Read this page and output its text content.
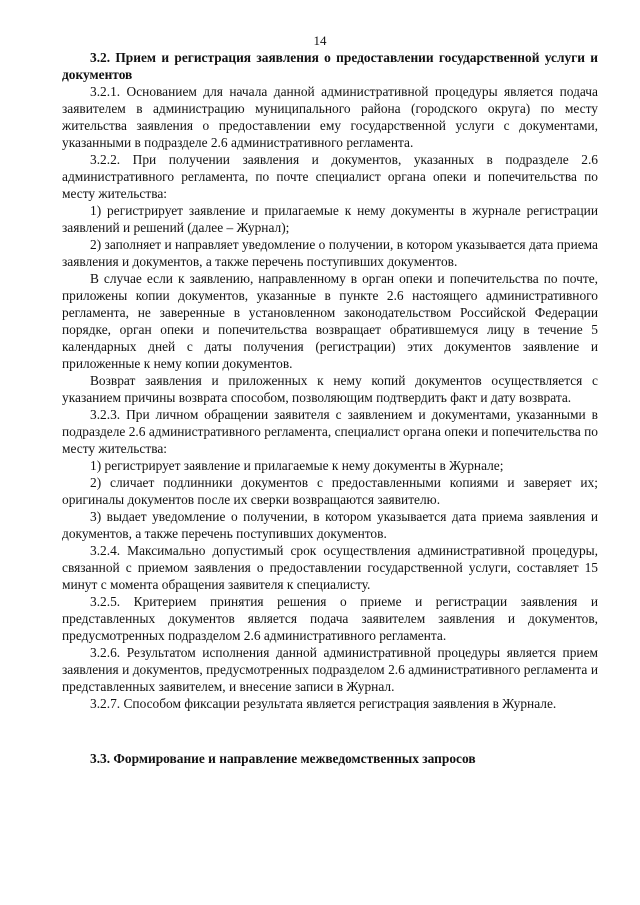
14

3.2. Прием и регистрация заявления о предоставлении государственной услуги и документов

3.2.1. Основанием для начала данной административной процедуры является подача заявителем в администрацию муниципального района (городского округа) по месту жительства заявления о предоставлении ему государственной услуги с документами, указанными в подразделе 2.6 административного регламента.

3.2.2. При получении заявления и документов, указанных в подразделе 2.6 административного регламента, по почте специалист органа опеки и попечительства по месту жительства:

1) регистрирует заявление и прилагаемые к нему документы в журнале регистрации заявлений и решений (далее – Журнал);

2) заполняет и направляет уведомление о получении, в котором указывается дата приема заявления и документов, а также перечень поступивших документов.

В случае если к заявлению, направленному в орган опеки и попечительства по почте, приложены копии документов, указанные в пункте 2.6 настоящего административного регламента, не заверенные в установленном законодательством Российской Федерации порядке, орган опеки и попечительства возвращает обратившемуся лицу в течение 5 календарных дней с даты получения (регистрации) этих документов заявление и приложенные к нему копии документов.

Возврат заявления и приложенных к нему копий документов осуществляется с указанием причины возврата способом, позволяющим подтвердить факт и дату возврата.

3.2.3. При личном обращении заявителя с заявлением и документами, указанными в подразделе 2.6 административного регламента, специалист органа опеки и попечительства по месту жительства:

1) регистрирует заявление и прилагаемые к нему документы в Журнале;

2) сличает подлинники документов с предоставленными копиями и заверяет их; оригиналы документов после их сверки возвращаются заявителю.

3) выдает уведомление о получении, в котором указывается дата приема заявления и документов, а также перечень поступивших документов.

3.2.4. Максимально допустимый срок осуществления административной процедуры, связанной с приемом заявления о предоставлении государственной услуги, составляет 15 минут с момента обращения заявителя к специалисту.

3.2.5. Критерием принятия решения о приеме и регистрации заявления и представленных документов является подача заявителем заявления и документов, предусмотренных подразделом 2.6 административного регламента.

3.2.6. Результатом исполнения данной административной процедуры является прием заявления и документов, предусмотренных подразделом 2.6 административного регламента и представленных заявителем, и внесение записи в Журнал.

3.2.7. Способом фиксации результата является регистрация заявления в Журнале.

3.3. Формирование и направление межведомственных запросов
